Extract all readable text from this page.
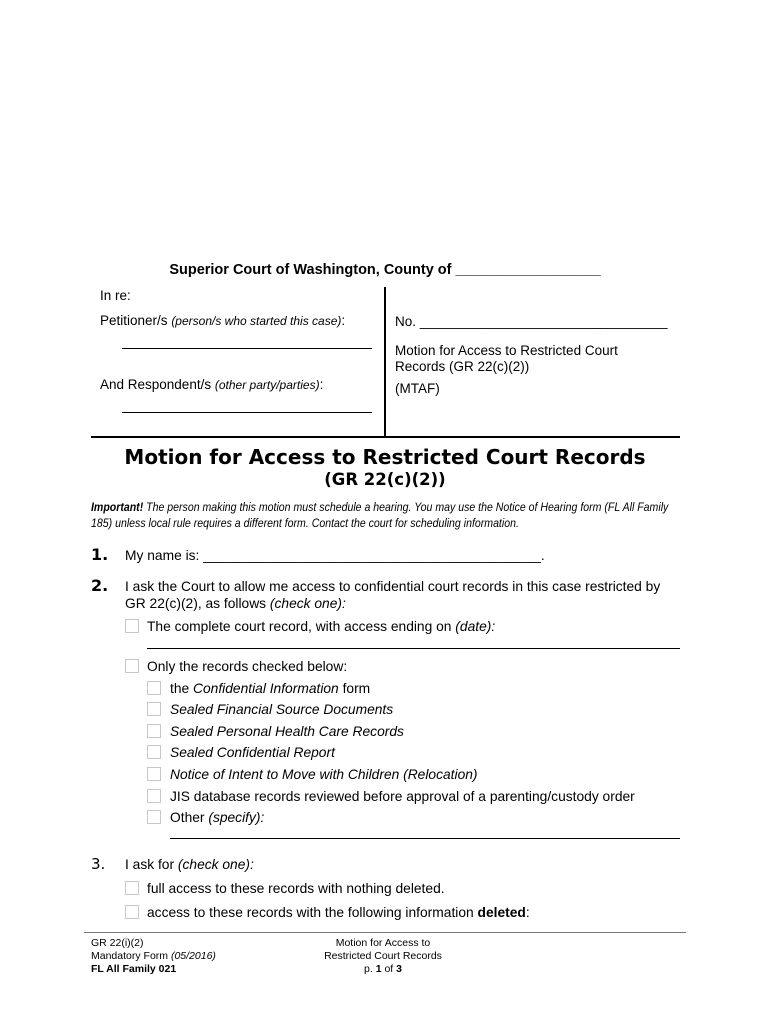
Superior Court of Washington, County of __________________
In re:
Petitioner/s (person/s who started this case):
And Respondent/s (other party/parties):
No. _________________________________
Motion for Access to Restricted Court
Records (GR 22(c)(2))
(MTAF)
Motion for Access to Restricted Court Records
(GR 22(c)(2))
Important! The person making this motion must schedule a hearing. You may use the Notice of Hearing form (FL All Family 185) unless local rule requires a different form. Contact the court for scheduling information.
1. My name is: ____________________________________________.
2. I ask the Court to allow me access to confidential court records in this case restricted by
GR 22(c)(2), as follows (check one):
The complete court record, with access ending on (date):
Only the records checked below:
the Confidential Information form
Sealed Financial Source Documents
Sealed Personal Health Care Records
Sealed Confidential Report
Notice of Intent to Move with Children (Relocation)
JIS database records reviewed before approval of a parenting/custody order
Other (specify):
3. I ask for (check one):
full access to these records with nothing deleted.
access to these records with the following information deleted:
GR 22(i)(2)
Mandatory Form (05/2016)
FL All Family 021
Motion for Access to
Restricted Court Records
p. 1 of 3
